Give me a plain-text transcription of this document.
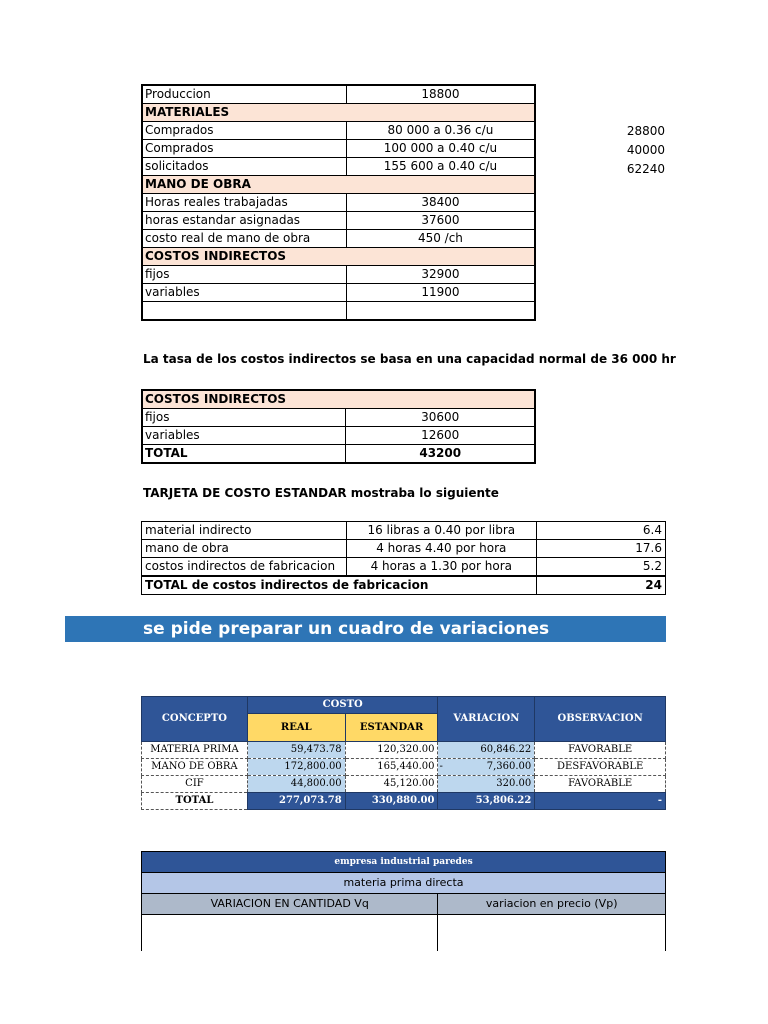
Produccion	18800
MATERIALES	
Comprados	80 000 a 0.36 c/u
Comprados	100 000 a 0.40 c/u
solicitados	155 600 a 0.40 c/u
MANO DE OBRA	
Horas reales trabajadas	38400
horas estandar asignadas	37600
costo real de mano de obra	450 /ch
COSTOS INDIRECTOS	
fijos	32900
variables	11900

28800
40000
62240
La tasa de los costos indirectos se basa en una capacidad normal de 36 000 hr
COSTOS INDIRECTOS	
fijos	30600
variables	12600
TOTAL	43200
TARJETA DE COSTO ESTANDAR mostraba lo siguiente
material indirecto	16 libras a 0.40 por libra	6.4
mano de obra	4 horas 4.40 por hora	17.6
costos indirectos de fabricacion	4 horas a 1.30 por hora	5.2
TOTAL de costos indirectos de fabricacion		24
se pide preparar un cuadro de variaciones
CONCEPTO	COSTO		VARIACION	OBSERVACION
	REAL	ESTANDAR		
MATERIA PRIMA	59,473.78	120,320.00	60,846.22	FAVORABLE
MANO DE OBRA	172,800.00	165,440.00	- 7,360.00	DESFAVORABLE
CIF	44,800.00	45,120.00	320.00	FAVORABLE
TOTAL	277,073.78	330,880.00	53,806.22	-
empresa industrial paredes	
materia prima directa	
VARIACION EN CANTIDAD Vq	variacion en precio (Vp)
